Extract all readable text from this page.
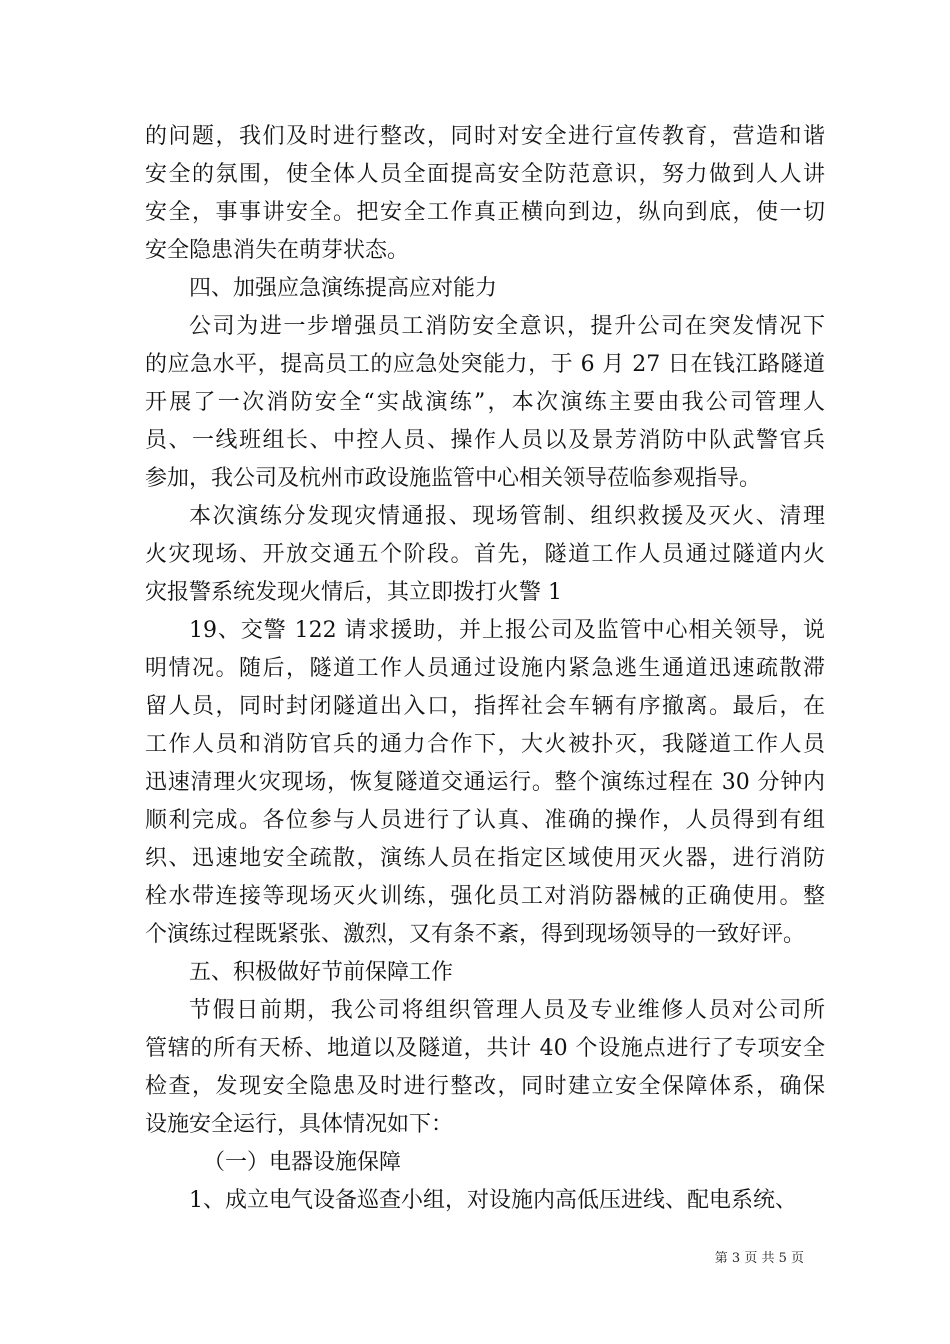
的问题，我们及时进行整改，同时对安全进行宣传教育，营造和谐
安全的氛围，使全体人员全面提高安全防范意识，努力做到人人讲
安全，事事讲安全。把安全工作真正横向到边，纵向到底，使一切
安全隐患消失在萌芽状态。
四、加强应急演练提高应对能力
公司为进一步增强员工消防安全意识，提升公司在突发情况下
的应急水平，提高员工的应急处突能力，于 6 月 27 日在钱江路隧道
开展了一次消防安全“实战演练”，本次演练主要由我公司管理人
员、一线班组长、中控人员、操作人员以及景芳消防中队武警官兵
参加，我公司及杭州市政设施监管中心相关领导莅临参观指导。
本次演练分发现灾情通报、现场管制、组织救援及灭火、清理
火灾现场、开放交通五个阶段。首先，隧道工作人员通过隧道内火
灾报警系统发现火情后，其立即拨打火警 1
19、交警 122 请求援助，并上报公司及监管中心相关领导，说
明情况。随后，隧道工作人员通过设施内紧急逃生通道迅速疏散滞
留人员，同时封闭隧道出入口，指挥社会车辆有序撤离。最后，在
工作人员和消防官兵的通力合作下，大火被扑灭，我隧道工作人员
迅速清理火灾现场，恢复隧道交通运行。整个演练过程在 30 分钟内
顺利完成。各位参与人员进行了认真、准确的操作，人员得到有组
织、迅速地安全疏散，演练人员在指定区域使用灭火器，进行消防
栓水带连接等现场灭火训练，强化员工对消防器械的正确使用。整
个演练过程既紧张、激烈，又有条不紊，得到现场领导的一致好评。
五、积极做好节前保障工作
节假日前期，我公司将组织管理人员及专业维修人员对公司所
管辖的所有天桥、地道以及隧道，共计 40 个设施点进行了专项安全
检查，发现安全隐患及时进行整改，同时建立安全保障体系，确保
设施安全运行，具体情况如下：
（一）电器设施保障
1、成立电气设备巡查小组，对设施内高低压进线、配电系统、
第 3 页 共 5 页
